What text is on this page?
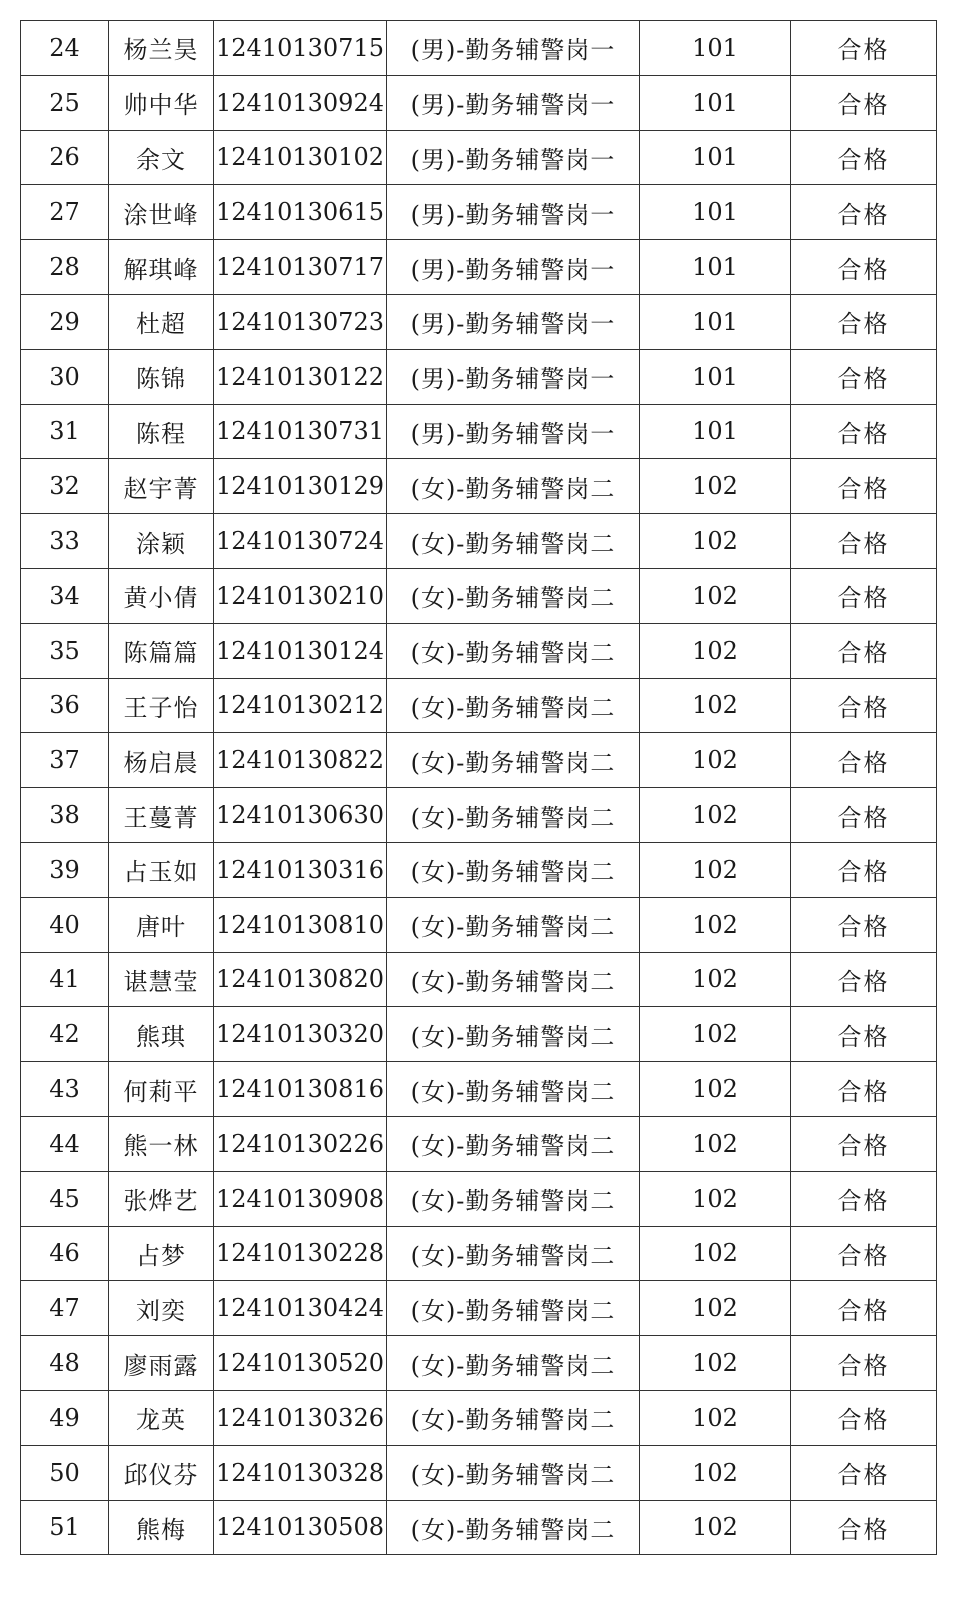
24	杨兰昊	12410130715	(男)-勤务辅警岗一	101	合格
25	帅中华	12410130924	(男)-勤务辅警岗一	101	合格
26	余文	12410130102	(男)-勤务辅警岗一	101	合格
27	涂世峰	12410130615	(男)-勤务辅警岗一	101	合格
28	解琪峰	12410130717	(男)-勤务辅警岗一	101	合格
29	杜超	12410130723	(男)-勤务辅警岗一	101	合格
30	陈锦	12410130122	(男)-勤务辅警岗一	101	合格
31	陈程	12410130731	(男)-勤务辅警岗一	101	合格
32	赵宇菁	12410130129	(女)-勤务辅警岗二	102	合格
33	涂颖	12410130724	(女)-勤务辅警岗二	102	合格
34	黄小倩	12410130210	(女)-勤务辅警岗二	102	合格
35	陈篇篇	12410130124	(女)-勤务辅警岗二	102	合格
36	王子怡	12410130212	(女)-勤务辅警岗二	102	合格
37	杨启晨	12410130822	(女)-勤务辅警岗二	102	合格
38	王蔓菁	12410130630	(女)-勤务辅警岗二	102	合格
39	占玉如	12410130316	(女)-勤务辅警岗二	102	合格
40	唐叶	12410130810	(女)-勤务辅警岗二	102	合格
41	谌慧莹	12410130820	(女)-勤务辅警岗二	102	合格
42	熊琪	12410130320	(女)-勤务辅警岗二	102	合格
43	何莉平	12410130816	(女)-勤务辅警岗二	102	合格
44	熊一林	12410130226	(女)-勤务辅警岗二	102	合格
45	张烨艺	12410130908	(女)-勤务辅警岗二	102	合格
46	占梦	12410130228	(女)-勤务辅警岗二	102	合格
47	刘奕	12410130424	(女)-勤务辅警岗二	102	合格
48	廖雨露	12410130520	(女)-勤务辅警岗二	102	合格
49	龙英	12410130326	(女)-勤务辅警岗二	102	合格
50	邱仪芬	12410130328	(女)-勤务辅警岗二	102	合格
51	熊梅	12410130508	(女)-勤务辅警岗二	102	合格
